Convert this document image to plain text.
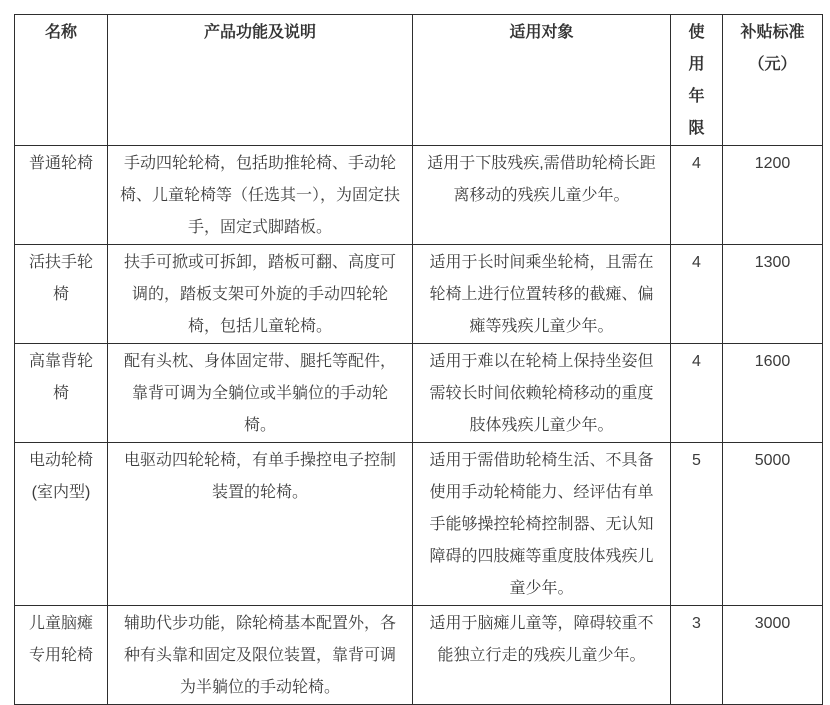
名称	产品功能及说明	适用对象	使用年限	补贴标准（元）
普通轮椅	手动四轮轮椅，包括助推轮椅、手动轮椅、儿童轮椅等（任选其一），为固定扶手，固定式脚踏板。	适用于下肢残疾,需借助轮椅长距离移动的残疾儿童少年。	4	1200
活扶手轮椅	扶手可掀或可拆卸，踏板可翻、高度可调的，踏板支架可外旋的手动四轮轮椅，包括儿童轮椅。	适用于长时间乘坐轮椅，且需在轮椅上进行位置转移的截瘫、偏瘫等残疾儿童少年。	4	1300
高靠背轮椅	配有头枕、身体固定带、腿托等配件，靠背可调为全躺位或半躺位的手动轮椅。	适用于难以在轮椅上保持坐姿但需较长时间依赖轮椅移动的重度肢体残疾儿童少年。	4	1600
电动轮椅(室内型)	电驱动四轮轮椅，有单手操控电子控制装置的轮椅。	适用于需借助轮椅生活、不具备使用手动轮椅能力、经评估有单手能够操控轮椅控制器、无认知障碍的四肢瘫等重度肢体残疾儿童少年。	5	5000
儿童脑瘫专用轮椅	辅助代步功能，除轮椅基本配置外，各种有头靠和固定及限位装置，靠背可调为半躺位的手动轮椅。	适用于脑瘫儿童等，障碍较重不能独立行走的残疾儿童少年。	3	3000
